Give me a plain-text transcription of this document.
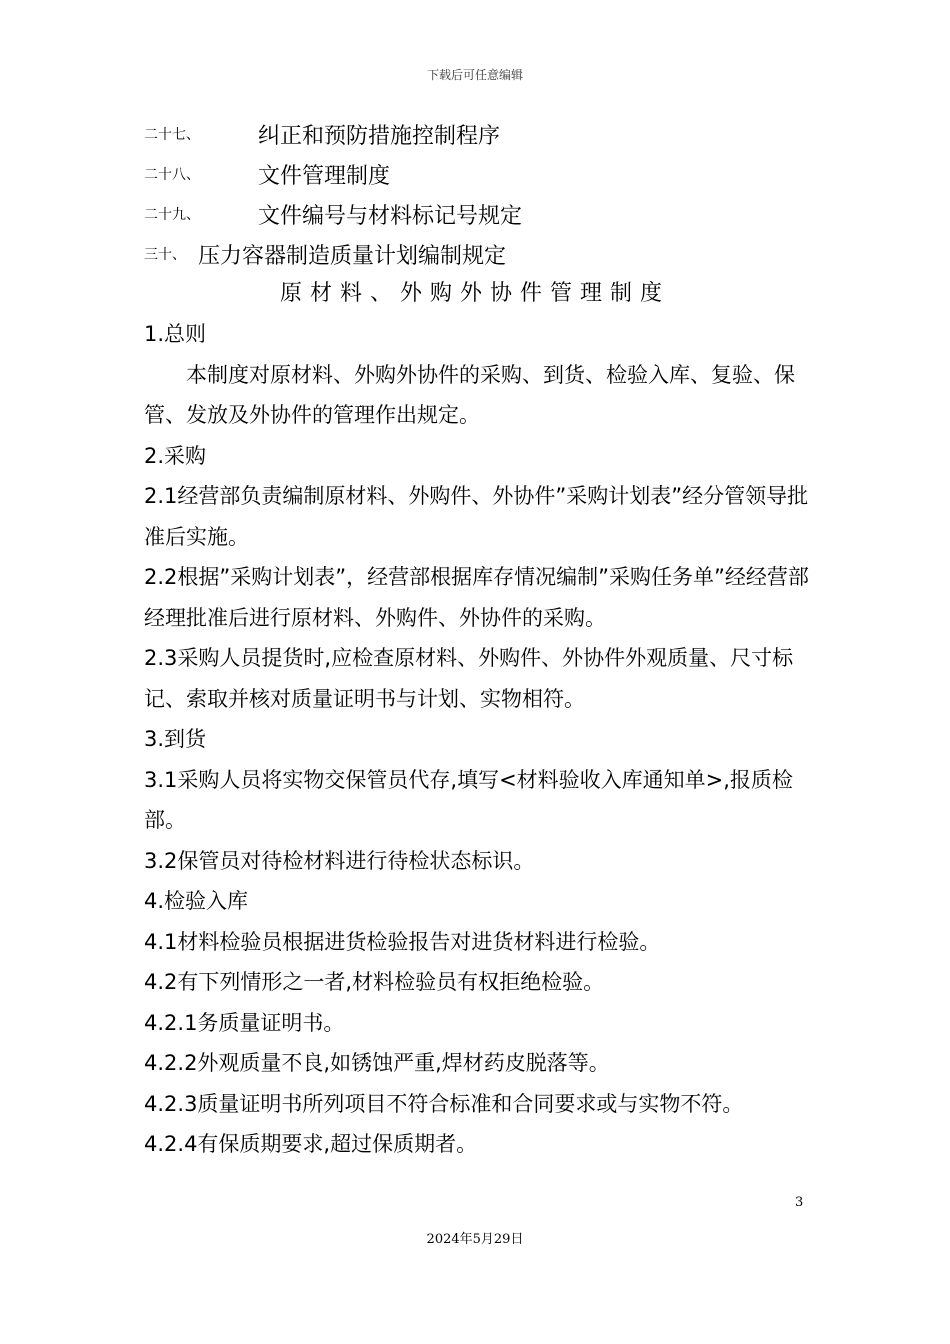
下载后可任意编辑
二十七、	纠正和预防措施控制程序
二十八、	文件管理制度
二十九、	文件编号与材料标记号规定
三十、 压力容器制造质量计划编制规定
原材料、外购外协件管理制度

1.总则

本制度对原材料、外购外协件的采购、到货、检验入库、复验、保管、发放及外协件的管理作出规定。

2.采购

2.1经营部负责编制原材料、外购件、外协件”采购计划表”经分管领导批准后实施。

2.2根据”采购计划表”，经营部根据库存情况编制”采购任务单”经经营部经理批准后进行原材料、外购件、外协件的采购。

2.3采购人员提货时,应检查原材料、外购件、外协件外观质量、尺寸标记、索取并核对质量证明书与计划、实物相符。

3.到货

3.1采购人员将实物交保管员代存,填写<材料验收入库通知单>,报质检部。

3.2保管员对待检材料进行待检状态标识。

4.检验入库

4.1材料检验员根据进货检验报告对进货材料进行检验。

4.2有下列情形之一者,材料检验员有权拒绝检验。

4.2.1务质量证明书。

4.2.2外观质量不良,如锈蚀严重,焊材药皮脱落等。

4.2.3质量证明书所列项目不符合标准和合同要求或与实物不符。

4.2.4有保质期要求,超过保质期者。

3
2024年5月29日
